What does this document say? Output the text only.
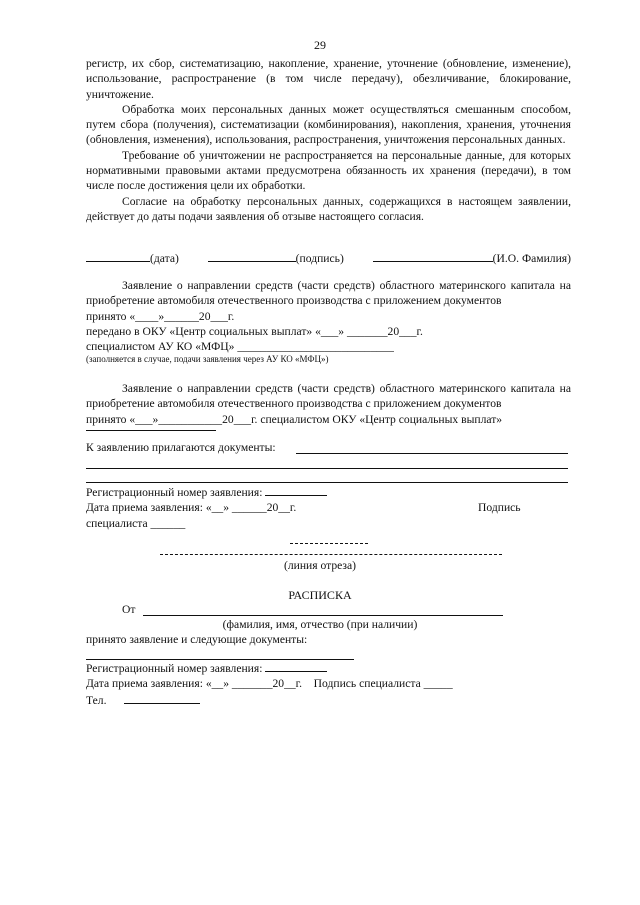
29

регистр, их сбор, систематизацию, накопление, хранение, уточнение (обновление, изменение), использование, распространение (в том числе передачу), обезличивание, блокирование, уничтожение.

Обработка моих персональных данных может осуществляться смешанным способом, путем сбора (получения), систематизации (комбинирования), накопления, хранения, уточнения (обновления, изменения), использования, распространения, уничтожения персональных данных.

Требование об уничтожении не распространяется на персональные данные, для которых нормативными правовыми актами предусмотрена обязанность их хранения (передачи), в том числе после достижения цели их обработки.

Согласие на обработку персональных данных, содержащихся в настоящем заявлении, действует до даты подачи заявления об отзыве настоящего согласия.

(дата)	(подпись)	(И.О. Фамилия)

Заявление о направлении средств (части средств) областного материнского капитала на приобретение автомобиля отечественного производства с приложением документов

принято «____»______20___г.
передано в ОКУ «Центр социальных выплат» «___» _______20___г.
специалистом АУ КО «МФЦ» ___________________________
(заполняется в случае, подачи заявления через АУ КО «МФЦ»)

Заявление о направлении средств (части средств) областного материнского капитала на приобретение автомобиля отечественного производства с приложением документов

принято «___»___________20___г. специалистом ОКУ «Центр социальных выплат»
К заявлению прилагаются документы:
Регистрационный номер заявления:
Дата приема заявления: «__» ______20__г.	Подпись
специалиста ______
(линия отреза)
РАСПИСКА
От
(фамилия, имя, отчество (при наличии)
принято заявление и следующие документы:
Регистрационный номер заявления:
Дата приема заявления: «__» _______20__г. Подпись специалиста _____
Тел.
